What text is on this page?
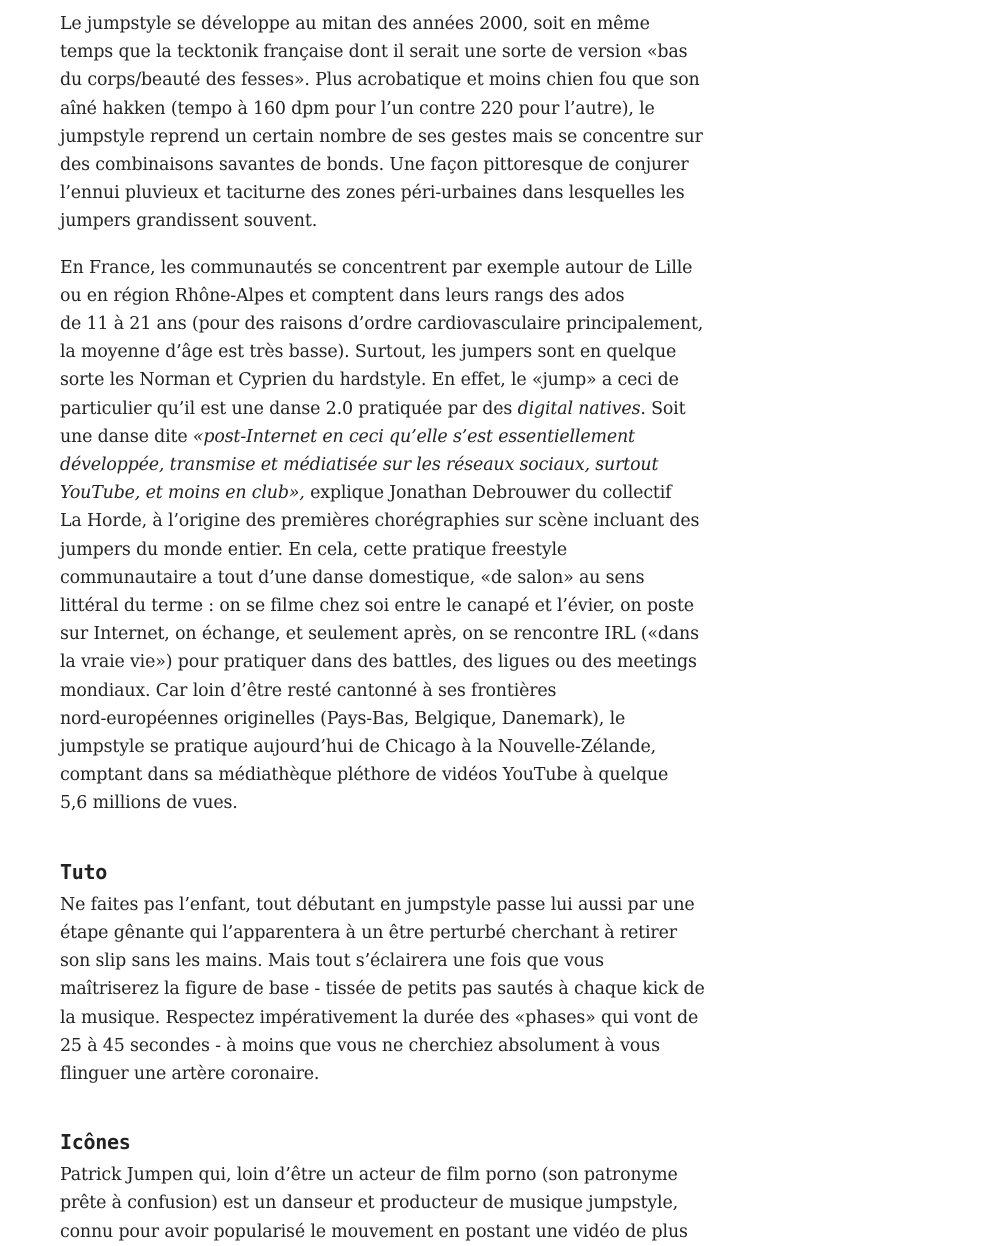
Le jumpstyle se développe au mitan des années 2000, soit en même
temps que la tecktonik française dont il serait une sorte de version «bas
du corps/beauté des fesses». Plus acrobatique et moins chien fou que son
aîné hakken (tempo à 160 dpm pour l’un contre 220 pour l’autre), le
jumpstyle reprend un certain nombre de ses gestes mais se concentre sur
des combinaisons savantes de bonds. Une façon pittoresque de conjurer
l’ennui pluvieux et taciturne des zones péri-urbaines dans lesquelles les
jumpers grandissent souvent.

En France, les communautés se concentrent par exemple autour de Lille
ou en région Rhône-Alpes et comptent dans leurs rangs des ados
de 11 à 21 ans (pour des raisons d’ordre cardiovasculaire principalement,
la moyenne d’âge est très basse). Surtout, les jumpers sont en quelque
sorte les Norman et Cyprien du hardstyle. En effet, le «jump» a ceci de
particulier qu’il est une danse 2.0 pratiquée par des digital natives. Soit
une danse dite «post-Internet en ceci qu’elle s’est essentiellement
développée, transmise et médiatisée sur les réseaux sociaux, surtout
YouTube, et moins en club», explique Jonathan Debrouwer du collectif
La Horde, à l’origine des premières chorégraphies sur scène incluant des
jumpers du monde entier. En cela, cette pratique freestyle
communautaire a tout d’une danse domestique, «de salon» au sens
littéral du terme : on se filme chez soi entre le canapé et l’évier, on poste
sur Internet, on échange, et seulement après, on se rencontre IRL («dans
la vraie vie») pour pratiquer dans des battles, des ligues ou des meetings
mondiaux. Car loin d’être resté cantonné à ses frontières
nord-européennes originelles (Pays-Bas, Belgique, Danemark), le
jumpstyle se pratique aujourd’hui de Chicago à la Nouvelle-Zélande,
comptant dans sa médiathèque pléthore de vidéos YouTube à quelque
5,6 millions de vues.

Tuto

Ne faites pas l’enfant, tout débutant en jumpstyle passe lui aussi par une
étape gênante qui l’apparentera à un être perturbé cherchant à retirer
son slip sans les mains. Mais tout s’éclairera une fois que vous
maîtriserez la figure de base - tissée de petits pas sautés à chaque kick de
la musique. Respectez impérativement la durée des «phases» qui vont de
25 à 45 secondes - à moins que vous ne cherchiez absolument à vous
flinguer une artère coronaire.

Icônes

Patrick Jumpen qui, loin d’être un acteur de film porno (son patronyme
prête à confusion) est un danseur et producteur de musique jumpstyle,
connu pour avoir popularisé le mouvement en postant une vidéo de plus
